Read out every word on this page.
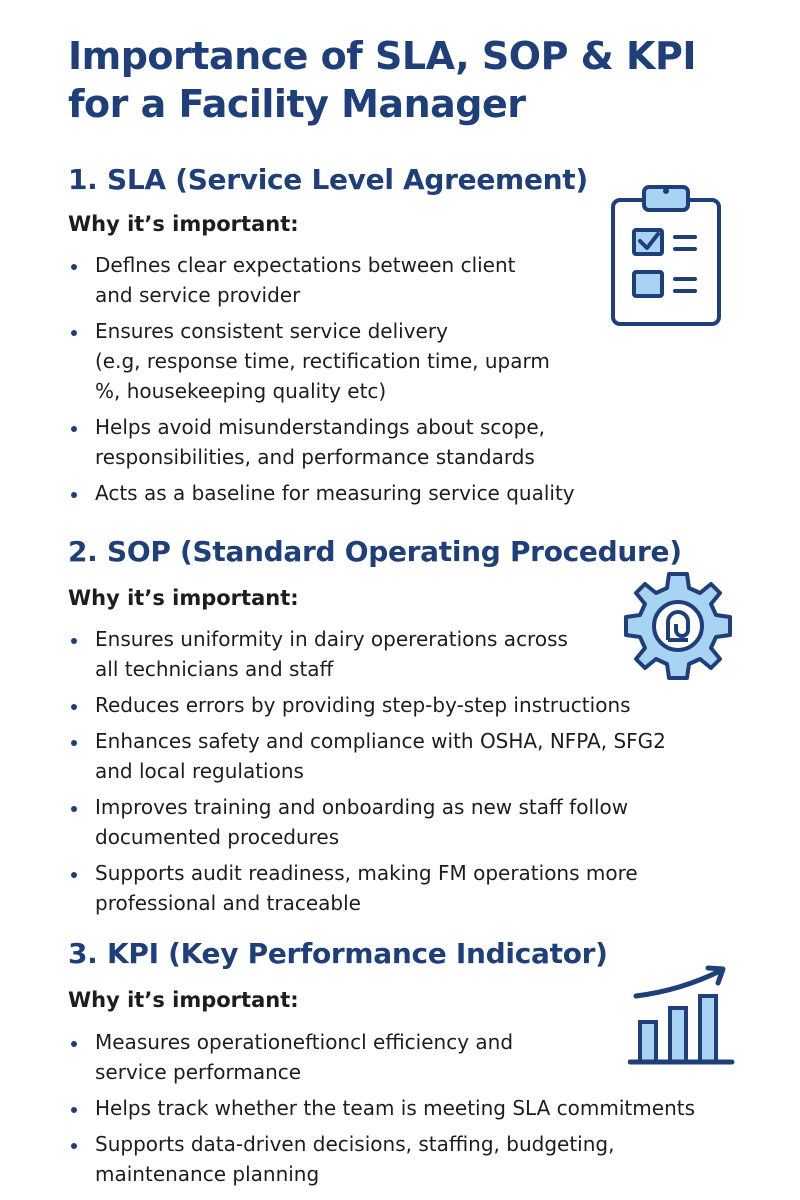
Importance of SLA, SOP & KPI
for a Facility Manager
1. SLA (Service Level Agreement)
Why it’s important:
Deflnes clear expectations between client
and service provider
Ensures consistent service delivery
(e.g, response time, rectification time, uparm
%, housekeeping quality etc)
Helps avoid misunderstandings about scope,
responsibilities, and performance standards
Acts as a baseline for measuring service quality
2. SOP (Standard Operating Procedure)
Why it’s important:
Ensures uniformity in dairy opererations across
all technicians and staff
Reduces errors by providing step-by-step instructions
Enhances safety and compliance with OSHA, NFPA, SFG2
and local regulations
Improves training and onboarding as new staff follow
documented procedures
Supports audit readiness, making FM operations more
professional and traceable
3. KPI (Key Performance Indicator)
Why it’s important:
Measures operationeftioncl efficiency and
service performance
Helps track whether the team is meeting SLA commitments
Supports data-driven decisions, staffing, budgeting,
maintenance planning
